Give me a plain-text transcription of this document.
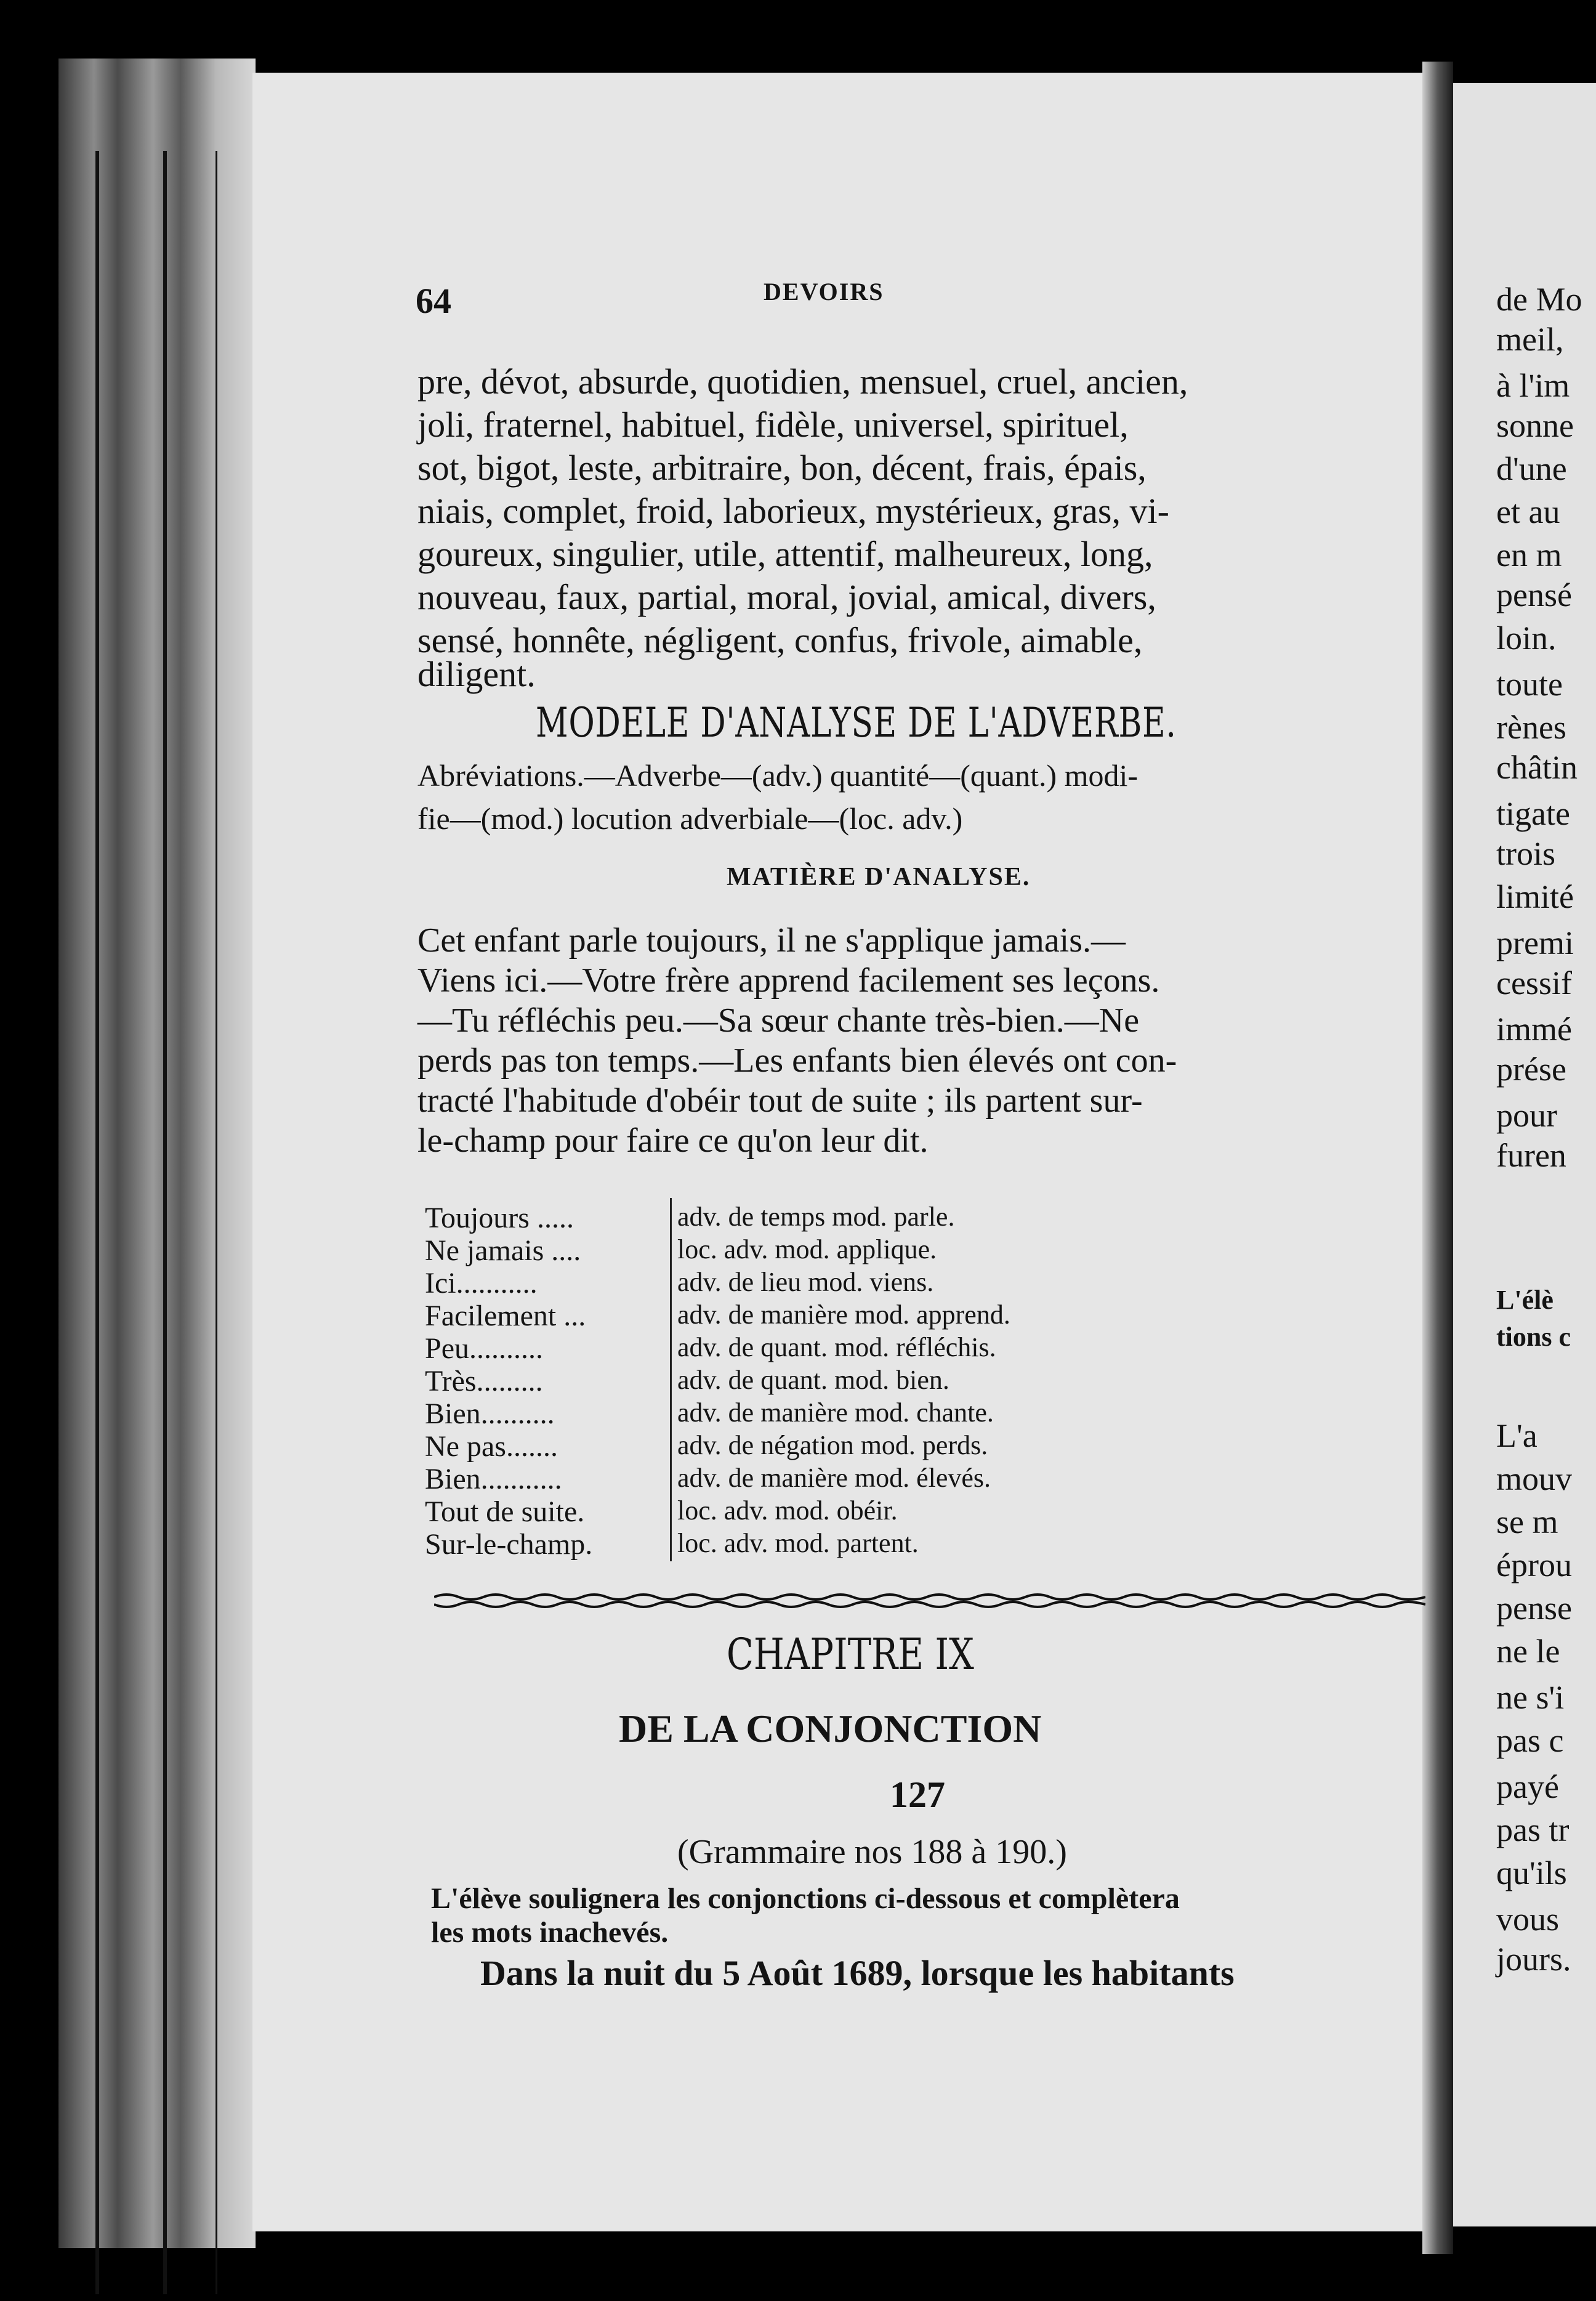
de Mo
meil,
à l'im
sonne
d'une
et au
en m
pensé
loin.
toute
rènes
châtin
tigate
trois
limité
premi
cessif
immé
prése
pour
furen
L'élè
tions c
L'a
mouv
se m
éprou
pense
ne le
ne s'i
pas c
payé
pas tr
qu'ils
vous
jours.
64	DEVOIRS
pre, dévot, absurde, quotidien, mensuel, cruel, ancien,
joli, fraternel, habituel, fidèle, universel, spirituel,
sot, bigot, leste, arbitraire, bon, décent, frais, épais,
niais, complet, froid, laborieux, mystérieux, gras, vi-
goureux, singulier, utile, attentif, malheureux, long,
nouveau, faux, partial, moral, jovial, amical, divers,
sensé, honnête, négligent, confus, frivole, aimable,
diligent.
MODELE D'ANALYSE DE L'ADVERBE.
Abréviations.—Adverbe—(adv.) quantité—(quant.) modi-
fie—(mod.) locution adverbiale—(loc. adv.)
MATIÈRE D'ANALYSE.
Cet enfant parle toujours, il ne s'applique jamais.—
Viens ici.—Votre frère apprend facilement ses leçons.
—Tu réfléchis peu.—Sa sœur chante très-bien.—Ne
perds pas ton temps.—Les enfants bien élevés ont con-
tracté l'habitude d'obéir tout de suite ; ils partent sur-
le-champ pour faire ce qu'on leur dit.
Toujours .....	adv. de temps mod. parle.
Ne jamais ....	loc. adv. mod. applique.
Ici...........	adv. de lieu mod. viens.
Facilement ...	adv. de manière mod. apprend.
Peu..........	adv. de quant. mod. réfléchis.
Très.........	adv. de quant. mod. bien.
Bien..........	adv. de manière mod. chante.
Ne pas.......	adv. de négation mod. perds.
Bien...........	adv. de manière mod. élevés.
Tout de suite.	loc. adv. mod. obéir.
Sur-le-champ.	loc. adv. mod. partent.
CHAPITRE IX
DE LA CONJONCTION
127
(Grammaire nos 188 à 190.)
L'élève soulignera les conjonctions ci-dessous et complètera
les mots inachevés.
Dans la nuit du 5 Août 1689, lorsque les habitants
